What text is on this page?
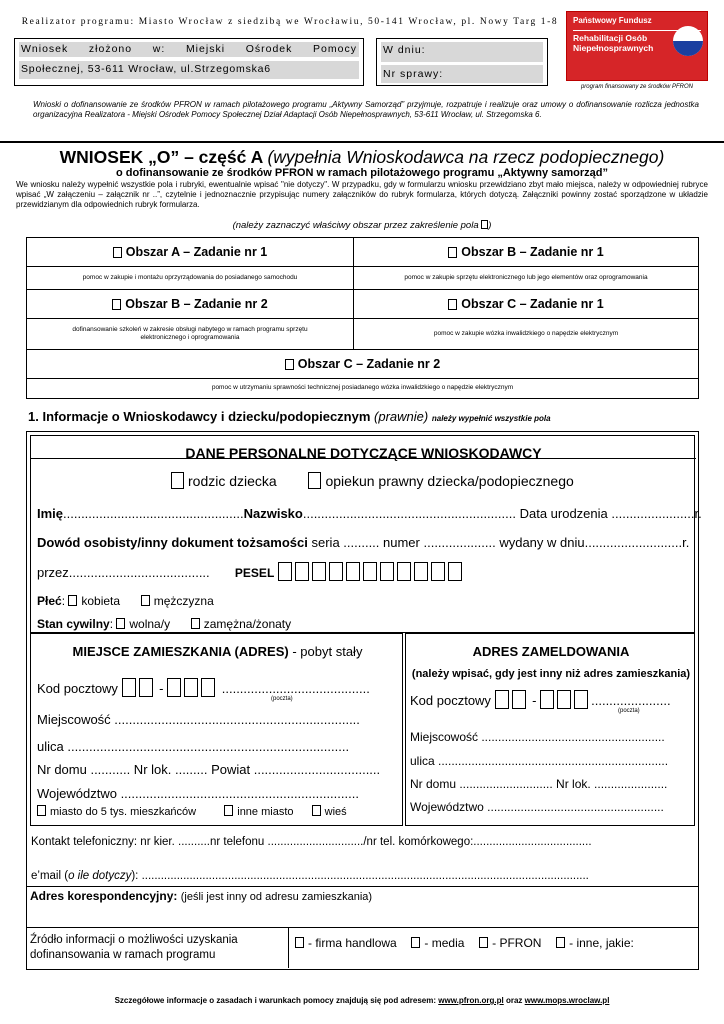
Realizator programu: Miasto Wrocław z siedzibą we Wrocławiu, 50-141 Wrocław, pl. Nowy Targ 1-8
Wniosek złożono w: Miejski Ośrodek Pomocy
Społecznej, 53-611 Wrocław, ul.Strzegomska6
W dniu:
Nr sprawy:
Państwowy Fundusz
Rehabilitacji Osób
Niepełnosprawnych
program finansowany ze środków PFRON
Wnioski o dofinansowanie ze środków PFRON w ramach pilotażowego programu „Aktywny Samorząd” przyjmuje, rozpatruje i realizuje oraz umowy o dofinansowanie rozlicza jednostka organizacyjna Realizatora - Miejski Ośrodek Pomocy Społecznej Dział Adaptacji Osób Niepełnosprawnych, 53-611 Wrocław, ul. Strzegomska 6.
WNIOSEK „O” – część A (wypełnia Wnioskodawca na rzecz podopiecznego)
o dofinansowanie ze środków PFRON w ramach pilotażowego programu „Aktywny samorząd”
We wniosku należy wypełnić wszystkie pola i rubryki, ewentualnie wpisać "nie dotyczy". W przypadku, gdy w formularzu wniosku przewidziano zbyt mało miejsca, należy w odpowiedniej rubryce wpisać „W załączeniu – załącznik nr ..”, czytelnie i jednoznacznie przypisując numery załączników do rubryk formularza, których dotyczą. Załączniki powinny zostać sporządzone w układzie przewidzianym dla odpowiednich rubryk formularza.
(należy zaznaczyć właściwy obszar przez zakreślenie pola )
Obszar A – Zadanie nr 1	Obszar B – Zadanie nr 1
pomoc w zakupie i montażu oprzyrządowania do posiadanego samochodu	pomoc w zakupie sprzętu elektronicznego lub jego elementów oraz oprogramowania
Obszar B – Zadanie nr 2	Obszar C – Zadanie nr 1
dofinansowanie szkoleń w zakresie obsługi nabytego w ramach programu sprzętu elektronicznego i oprogramowania
pomoc w zakupie wózka inwalidzkiego o napędzie elektrycznym
Obszar C – Zadanie nr 2
pomoc w utrzymaniu sprawności technicznej posiadanego wózka inwalidzkiego o napędzie elektrycznym
1. Informacje o Wnioskodawcy i dziecku/podopiecznym (prawnie) należy wypełnić wszystkie pola
DANE PERSONALNE DOTYCZĄCE WNIOSKODAWCY
rodzic dziecka	opiekun prawny dziecka/podopiecznego
Imię..................................................Nazwisko........................................................... Data urodzenia .......................r.
Dowód osobisty/inny dokument tożsamości seria .......... numer .................... wydany w dniu...........................r.
przez....................................... PESEL
Płeć: kobieta	mężczyzna
Stan cywilny: wolna/y	zamężna/żonaty
MIEJSCE ZAMIESZKANIA (ADRES) - pobyt stały
Kod pocztowy	-	.........................................
(poczta)
Miejscowość ....................................................................
ulica ..............................................................................
Nr domu ........... Nr lok. ......... Powiat ...................................
Województwo ..................................................................
miasto do 5 tys. mieszkańców	inne miasto	wieś
ADRES ZAMELDOWANIA
(należy wpisać, gdy jest inny niż adres zamieszkania)
Kod pocztowy	-	......................
(poczta)
Miejscowość .......................................................
ulica .....................................................................
Nr domu ............................ Nr lok. ......................
Województwo .....................................................
Kontakt telefoniczny: nr kier. ..........nr telefonu ............................../nr tel. komórkowego:.....................................
e’mail (o ile dotyczy): ............................................................................................................................................
Adres korespondencyjny: (jeśli jest inny od adresu zamieszkania)
Źródło informacji o możliwości uzyskania dofinansowania w ramach programu
- firma handlowa - media - PFRON - inne, jakie:
Szczegółowe informacje o zasadach i warunkach pomocy znajdują się pod adresem: www.pfron.org.pl oraz www.mops.wroclaw.pl
